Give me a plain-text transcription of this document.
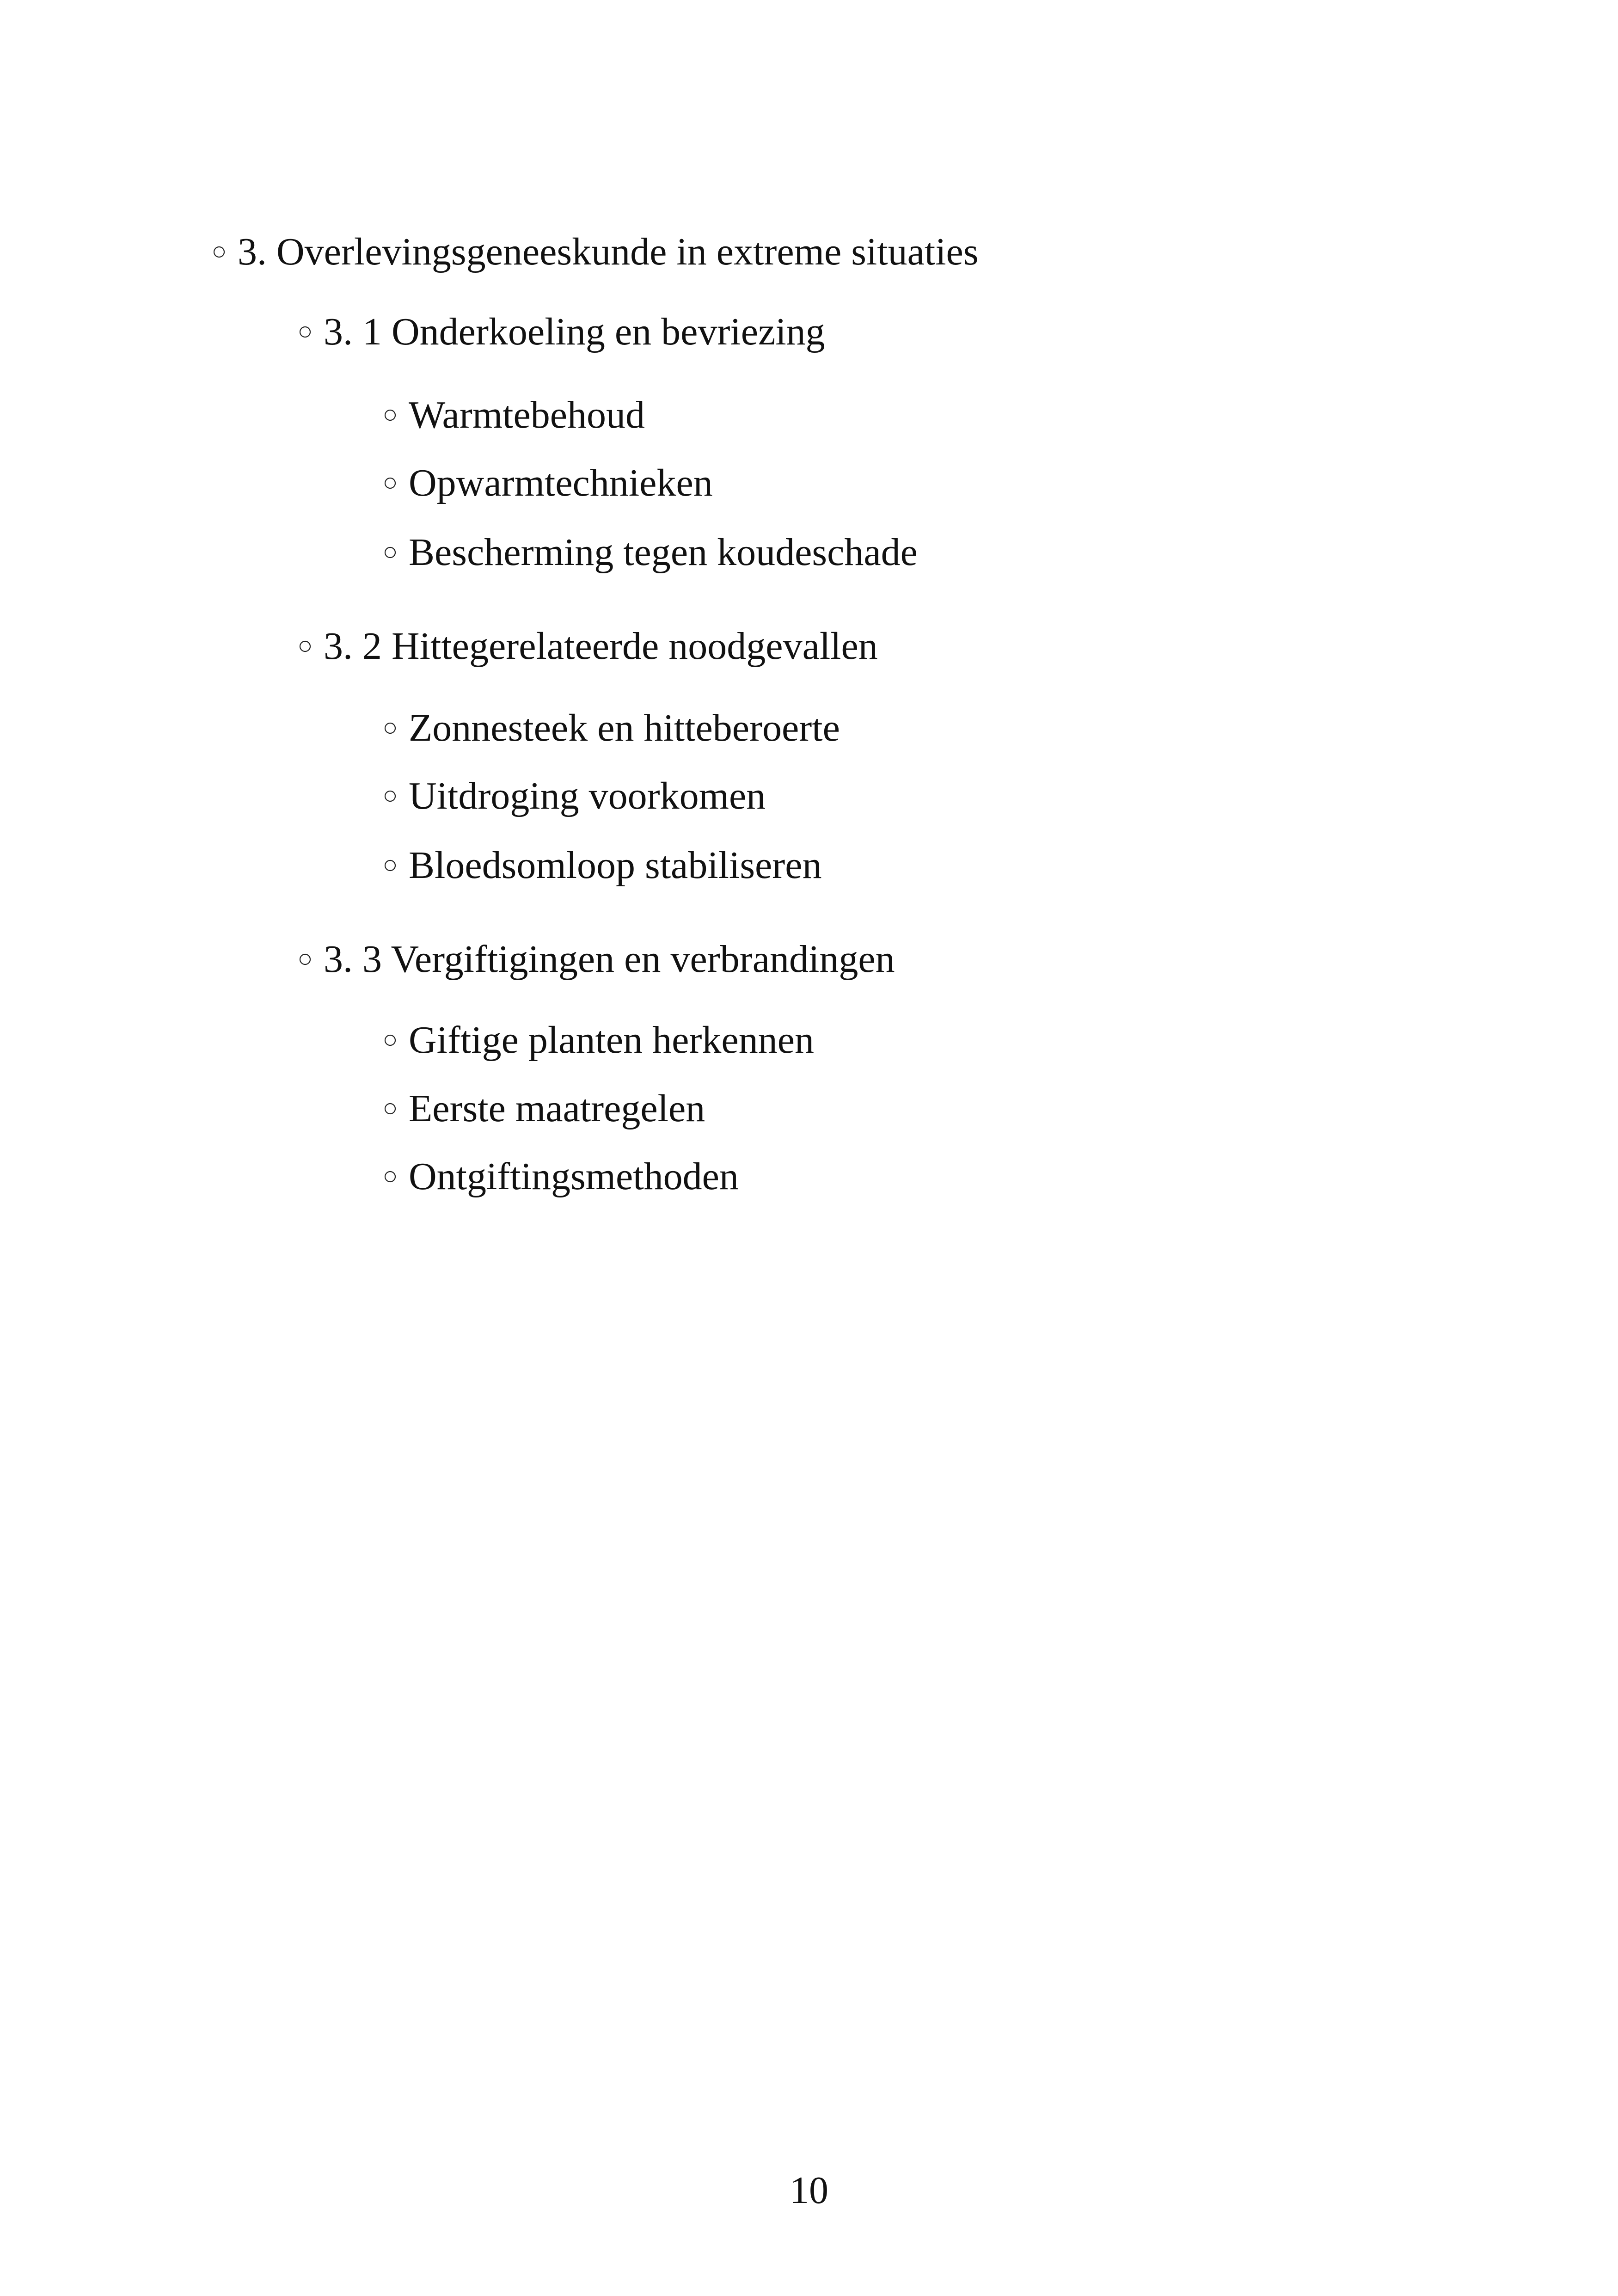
3. Overlevingsgeneeskunde in extreme situaties
3. 1 Onderkoeling en bevriezing
Warmtebehoud
Opwarmtechnieken
Bescherming tegen koudeschade
3. 2 Hittegerelateerde noodgevallen
Zonnesteek en hitteberoerte
Uitdroging voorkomen
Bloedsomloop stabiliseren
3. 3 Vergiftigingen en verbrandingen
Giftige planten herkennen
Eerste maatregelen
Ontgiftingsmethoden
10
